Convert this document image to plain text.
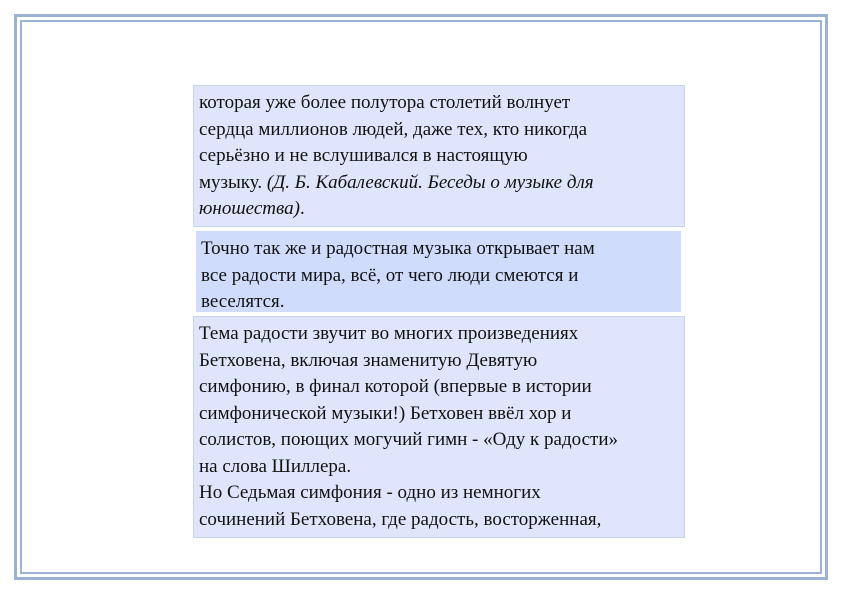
которая уже более полутора столетий волнует
сердца миллионов людей, даже тех, кто никогда
серьёзно и не вслушивался в настоящую
музыку. (Д. Б. Кабалевский. Беседы о музыке для
юношества).
Точно так же и радостная музыка открывает нам
все радости мира, всё, от чего люди смеются и
веселятся.
Тема радости звучит во многих произведениях
Бетховена, включая знаменитую Девятую
симфонию, в финал которой (впервые в истории
симфонической музыки!) Бетховен ввёл хор и
солистов, поющих могучий гимн - «Оду к радости»
на слова Шиллера.
Но Седьмая симфония - одно из немногих
сочинений Бетховена, где радость, восторженная,
